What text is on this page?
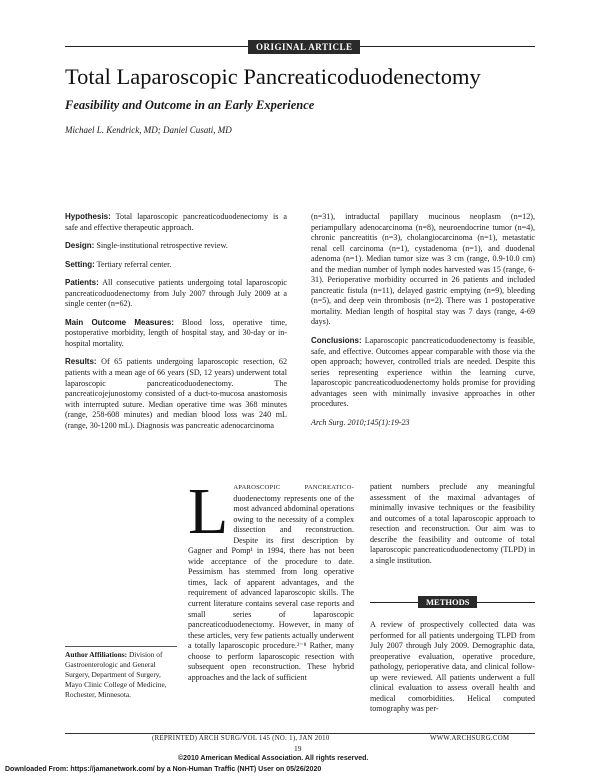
ORIGINAL ARTICLE
Total Laparoscopic Pancreaticoduodenectomy
Feasibility and Outcome in an Early Experience
Michael L. Kendrick, MD; Daniel Cusati, MD

Hypothesis: Total laparoscopic pancreaticoduodenectomy is a safe and effective therapeutic approach.

Design: Single-institutional retrospective review.

Setting: Tertiary referral center.

Patients: All consecutive patients undergoing total laparoscopic pancreaticoduodenectomy from July 2007 through July 2009 at a single center (n=62).

Main Outcome Measures: Blood loss, operative time, postoperative morbidity, length of hospital stay, and 30-day or in-hospital mortality.

Results: Of 65 patients undergoing laparoscopic resection, 62 patients with a mean age of 66 years (SD, 12 years) underwent total laparoscopic pancreaticoduodenectomy. The pancreaticojejunostomy consisted of a duct-to-mucosa anastomosis with interrupted suture. Median operative time was 368 minutes (range, 258-608 minutes) and median blood loss was 240 mL (range, 30-1200 mL). Diagnosis was pancreatic adenocarcinoma

(n=31), intraductal papillary mucinous neoplasm (n=12), periampullary adenocarcinoma (n=8), neuroendocrine tumor (n=4), chronic pancreatitis (n=3), cholangiocarcinoma (n=1), metastatic renal cell carcinoma (n=1), cystadenoma (n=1), and duodenal adenoma (n=1). Median tumor size was 3 cm (range, 0.9-10.0 cm) and the median number of lymph nodes harvested was 15 (range, 6-31). Perioperative morbidity occurred in 26 patients and included pancreatic fistula (n=11), delayed gastric emptying (n=9), bleeding (n=5), and deep vein thrombosis (n=2). There was 1 postoperative mortality. Median length of hospital stay was 7 days (range, 4-69 days).

Conclusions: Laparoscopic pancreaticoduodenectomy is feasible, safe, and effective. Outcomes appear comparable with those via the open approach; however, controlled trials are needed. Despite this series representing experience within the learning curve, laparoscopic pancreaticoduodenectomy holds promise for providing advantages seen with minimally invasive approaches in other procedures.

Arch Surg. 2010;145(1):19-23

LAPAROSCOPIC PANCREATICO-duodenectomy represents one of the most advanced abdominal operations owing to the necessity of a complex dissection and reconstruction. Despite its first description by Gagner and Pomp¹ in 1994, there has not been wide acceptance of the procedure to date. Pessimism has stemmed from long operative times, lack of apparent advantages, and the requirement of advanced laparoscopic skills. The current literature contains several case reports and small series of laparoscopic pancreaticoduodenectomy. However, in many of these articles, very few patients actually underwent a totally laparoscopic procedure.²⁻⁸ Rather, many choose to perform laparoscopic resection with subsequent open reconstruction. These hybrid approaches and the lack of sufficient

patient numbers preclude any meaningful assessment of the maximal advantages of minimally invasive techniques or the feasibility and outcomes of a total laparoscopic approach to resection and reconstruction. Our aim was to describe the feasibility and outcome of total laparoscopic pancreaticoduodenectomy (TLPD) in a single institution.

METHODS

A review of prospectively collected data was performed for all patients undergoing TLPD from July 2007 through July 2009. Demographic data, preoperative evaluation, operative procedure, pathology, perioperative data, and clinical follow-up were reviewed. All patients underwent a full clinical evaluation to assess overall health and medical comorbidities. Helical computed tomography was per-

Author Affiliations: Division of Gastroenterologic and General Surgery, Department of Surgery, Mayo Clinic College of Medicine, Rochester, Minnesota.
(REPRINTED) ARCH SURG/VOL 145 (NO. 1), JAN 2010	WWW.ARCHSURG.COM
19
©2010 American Medical Association. All rights reserved.
Downloaded From: https://jamanetwork.com/ by a Non-Human Traffic (NHT) User on 05/26/2020
